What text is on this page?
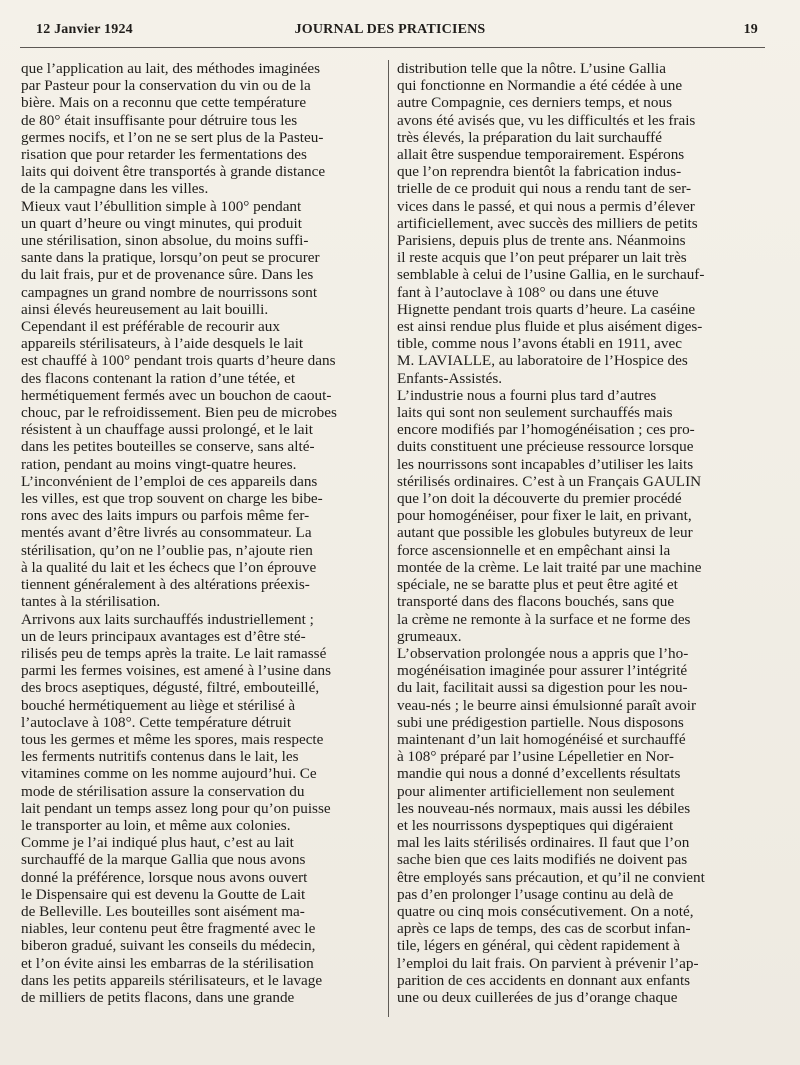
12 Janvier 1924	JOURNAL DES PRATICIENS	19

que l’application au lait, des méthodes imaginées
par Pasteur pour la conservation du vin ou de la
bière. Mais on a reconnu que cette température
de 80° était insuffisante pour détruire tous les
germes nocifs, et l’on ne se sert plus de la Pasteu-
risation que pour retarder les fermentations des
laits qui doivent être transportés à grande distance
de la campagne dans les villes.

Mieux vaut l’ébullition simple à 100° pendant
un quart d’heure ou vingt minutes, qui produit
une stérilisation, sinon absolue, du moins suffi-
sante dans la pratique, lorsqu’on peut se procurer
du lait frais, pur et de provenance sûre. Dans les
campagnes un grand nombre de nourrissons sont
ainsi élevés heureusement au lait bouilli.

Cependant il est préférable de recourir aux
appareils stérilisateurs, à l’aide desquels le lait
est chauffé à 100° pendant trois quarts d’heure dans
des flacons contenant la ration d’une tétée, et
hermétiquement fermés avec un bouchon de caout-
chouc, par le refroidissement. Bien peu de microbes
résistent à un chauffage aussi prolongé, et le lait
dans les petites bouteilles se conserve, sans alté-
ration, pendant au moins vingt-quatre heures.
L’inconvénient de l’emploi de ces appareils dans
les villes, est que trop souvent on charge les bibe-
rons avec des laits impurs ou parfois même fer-
mentés avant d’être livrés au consommateur. La
stérilisation, qu’on ne l’oublie pas, n’ajoute rien
à la qualité du lait et les échecs que l’on éprouve
tiennent généralement à des altérations préexis-
tantes à la stérilisation.

Arrivons aux laits surchauffés industriellement ;
un de leurs principaux avantages est d’être sté-
rilisés peu de temps après la traite. Le lait ramassé
parmi les fermes voisines, est amené à l’usine dans
des brocs aseptiques, dégusté, filtré, embouteillé,
bouché hermétiquement au liège et stérilisé à
l’autoclave à 108°. Cette température détruit
tous les germes et même les spores, mais respecte
les ferments nutritifs contenus dans le lait, les
vitamines comme on les nomme aujourd’hui. Ce
mode de stérilisation assure la conservation du
lait pendant un temps assez long pour qu’on puisse
le transporter au loin, et même aux colonies.

Comme je l’ai indiqué plus haut, c’est au lait
surchauffé de la marque Gallia que nous avons
donné la préférence, lorsque nous avons ouvert
le Dispensaire qui est devenu la Goutte de Lait
de Belleville. Les bouteilles sont aisément ma-
niables, leur contenu peut être fragmenté avec le
biberon gradué, suivant les conseils du médecin,
et l’on évite ainsi les embarras de la stérilisation
dans les petits appareils stérilisateurs, et le lavage
de milliers de petits flacons, dans une grande

distribution telle que la nôtre. L’usine Gallia
qui fonctionne en Normandie a été cédée à une
autre Compagnie, ces derniers temps, et nous
avons été avisés que, vu les difficultés et les frais
très élevés, la préparation du lait surchauffé
allait être suspendue temporairement. Espérons
que l’on reprendra bientôt la fabrication indus-
trielle de ce produit qui nous a rendu tant de ser-
vices dans le passé, et qui nous a permis d’élever
artificiellement, avec succès des milliers de petits
Parisiens, depuis plus de trente ans. Néanmoins
il reste acquis que l’on peut préparer un lait très
semblable à celui de l’usine Gallia, en le surchauf-
fant à l’autoclave à 108° ou dans une étuve
Hignette pendant trois quarts d’heure. La caséine
est ainsi rendue plus fluide et plus aisément diges-
tible, comme nous l’avons établi en 1911, avec
M. LAVIALLE, au laboratoire de l’Hospice des
Enfants-Assistés.

L’industrie nous a fourni plus tard d’autres
laits qui sont non seulement surchauffés mais
encore modifiés par l’homogénéisation ; ces pro-
duits constituent une précieuse ressource lorsque
les nourrissons sont incapables d’utiliser les laits
stérilisés ordinaires. C’est à un Français GAULIN
que l’on doit la découverte du premier procédé
pour homogénéiser, pour fixer le lait, en privant,
autant que possible les globules butyreux de leur
force ascensionnelle et en empêchant ainsi la
montée de la crème. Le lait traité par une machine
spéciale, ne se baratte plus et peut être agité et
transporté dans des flacons bouchés, sans que
la crème ne remonte à la surface et ne forme des
grumeaux.

L’observation prolongée nous a appris que l’ho-
mogénéisation imaginée pour assurer l’intégrité
du lait, facilitait aussi sa digestion pour les nou-
veau-nés ; le beurre ainsi émulsionné paraît avoir
subi une prédigestion partielle. Nous disposons
maintenant d’un lait homogénéisé et surchauffé
à 108° préparé par l’usine Lépelletier en Nor-
mandie qui nous a donné d’excellents résultats
pour alimenter artificiellement non seulement
les nouveau-nés normaux, mais aussi les débiles
et les nourrissons dyspeptiques qui digéraient
mal les laits stérilisés ordinaires. Il faut que l’on
sache bien que ces laits modifiés ne doivent pas
être employés sans précaution, et qu’il ne convient
pas d’en prolonger l’usage continu au delà de
quatre ou cinq mois consécutivement. On a noté,
après ce laps de temps, des cas de scorbut infan-
tile, légers en général, qui cèdent rapidement à
l’emploi du lait frais. On parvient à prévenir l’ap-
parition de ces accidents en donnant aux enfants
une ou deux cuillerées de jus d’orange chaque
